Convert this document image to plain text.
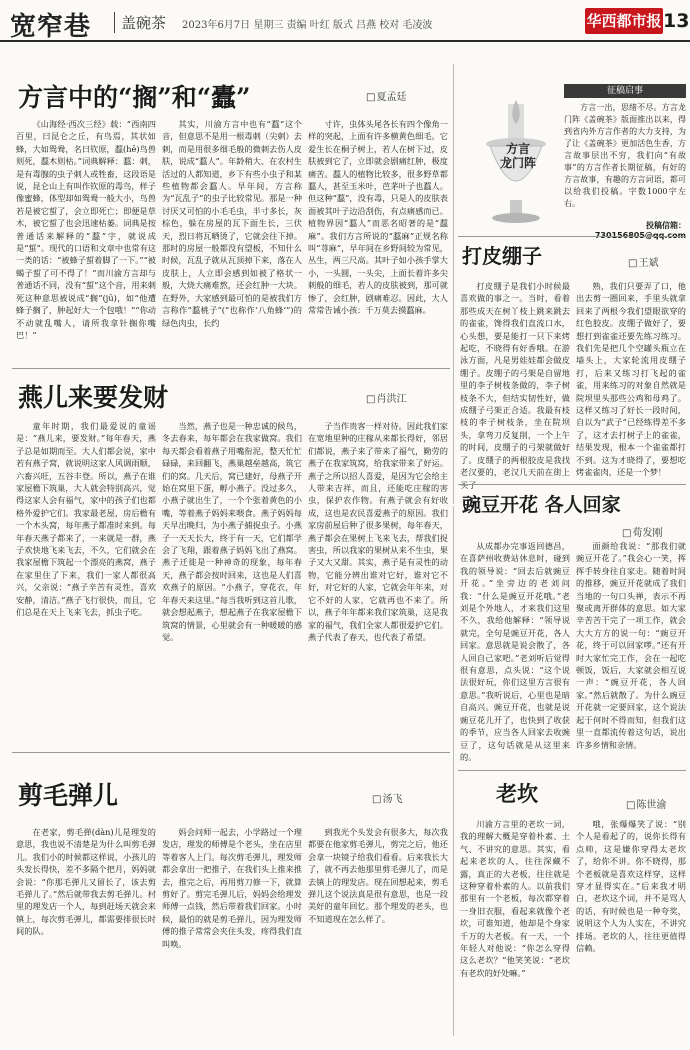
宽窄巷	盖碗茶 2023年6月7日 星期三 责编 叶红 版式 吕燕 校对 毛凌波	华西都市报 13
方言中的“搁”和“蠹”	□ 夏孟廷

《山海经·西次三经》载：“西南四百里，曰昆仑之丘，有鸟焉，其状如蜂，大如鸳鸯，名曰钦原，蠚(hē)鸟兽则死，蠚木则枯。”词典解释：蠚：刺，是有毒腺的虫子刺人或牲畜，这段语是说，昆仑山上有叫作钦原的毒鸟，样子像蜜蜂，体型却如鸳鸯一般大小，鸟兽若是被它蜇了，会立即死亡；即便是草木，被它蜇了也会迅速枯萎。词典是按普通话来解释的“蠚”字，就说成是“蜇”。现代的口语和文章中也常有这一类的话：“被蜂子蜇着脚了一下。”“被蝎子蜇了可不得了！”而川渝方言却与普通话不同，没有“蜇”这个音，用来刺死这种意思被说成“搁”(jū)，如“他遭蜂子搁了，肿起好大一个包哦！”“你动不动就乱嘴人，请所我拿针搁你嘴巴！”

其实，川渝方言中也有“蠚”这个音，但意思不是用一根毒刺（尖刺）去刺，而是用很多细毛般的微刺去伤人皮肤，说成“蠚人”。年龄稍大、在农村生活过的人都知道，乡下有些小虫子和某些植物都会蠚人。早年间，方言称为“瓦乱子”的虫子比较常见。那是一种讨厌又可怕的小毛毛虫，半寸多长，灰棕色，躲在房屋的瓦下面生长，三伏天，烈日将瓦晒烫了，它就会往下掉。那时的房屋一般都没有望板，不知什么时候，瓦乱子就从瓦顶掉下来，落在人皮肤上，人立即会感到如被了格状一般，大烧大痛难熬，还会红肿一大块。在野外，大家感到最可怕的是被我们方言称作“蠚桃子”(“也称作‘八角蜂’”)的绿色肉虫，长约

寸许，虫体头尾各长有四个像角一样的突起，上面有许多横黄色细毛。它爱生长在桐子树上，若人在树下过，皮肤被到它了，立即就会剧痛红肿，极度痛苦。蠚人的植物比较多，很多野草都蠚人，甚至玉米叶，芭茅叶子也蠚人。但这种“蠚”，没有毒，只是人的皮肤表面被其叶子边沿刮伤，有点痛感而已。植物界因“蠚人”而恶名昭著的是“蠚麻”。我们方言所说的“蠚麻”正规名称叫“荨麻”，早年间在乡野间较为常见，丛生，两三尺高。其叶子如小孩手掌大小，一头圆，一头尖，上面长着许多尖刺般的细毛，若人的皮肤被到，那可就惨了，会红肿，剧痛难忍。因此，大人常常告诫小孩：千万莫去摸蠚麻。

方言
龙门阵
征稿启事
方言一出，思绪不尽。方言龙门阵《盖碗茶》版面推出以来，得到省内外方言作者的大力支持，为了让《盖碗茶》更加活色生香，方言故事层出不穷，我们向“有故事”的方言作者长期征稿，有好的方言故事，有趣的方言词语，都可以给我们投稿。字数1000字左右。
投稿信箱：
打皮绷子	□ 王斌

打皮绷子是我们小时候最喜欢做的事之一。当时，看着那些成天在树丫枝上跳来跳去的雀雀，馋得我们直流口水，心头想，要是能打一只下来烤起吃，不晓得有好香哦。在游泳方面，凡是男娃娃都会做皮绷子。皮绷子的弓架是自留地里的李子树枝条做的，李子树枝条不大，但结实韧性好，做成绷子弓架正合适。我最有枝枝的李子树枝条，坐在院坝头，拿弯刀反复削，一个上午的时间，皮绷子的弓架就做好了。皮绷子的两根胶皮是我找老汉要的，老汉几天前在街上

熟，我们只要弄了口，他出去剪一圈回来，手里头就拿回来了两根今我们望眼欲穿的红色胶皮。皮绷子做好了，要想打到雀雀还要先练习练习。我们先是把几个空罐头瓶立在墙头上，大家轮流用皮绷子打，后来又练习打飞起的雀雀，用来练习的对象自然就是院坝里头那些公鸡和母鸡了。这样又练习了好长一段时间，自以为“武子”已经练得差不多了，这才去打树子上的雀雀，结果发现，根本一个雀雀都打不到。这为才晓得了，要想吃烤雀雀肉，还是一个梦！

燕儿来要发财	□ 肖洪江

童年时期，我们最爱说的童谣是：“燕儿来，要发财。”每年春天，燕子总是如期而至。大人们都会说，家中若有燕子窝，就说明这家人风调雨顺，六畜兴旺，五谷丰登。所以，燕子在谁家屋檐下筑巢，大人就会特别高兴，觉得这家人会有福气，家中的孩子们也都格外爱护它们。我家最老屋，房后檐有一个木头窝，每年燕子都准时来到。每年春天燕子都来了，一来就是一群，燕子欢快地飞来飞去，不久，它们就会在我家屋檐下筑起一个漂亮的燕窝，燕子在家里住了下来，我们一家人都很高兴，父亲说：“燕子辛苦有灵性，喜欢安静，清洁。”燕子飞行很快，而且，它们总是在天上飞来飞去，抓虫子吃。

当然，燕子也是一种忠诚的候鸟，冬去春来，每年都会在我家做窝。我们每天都会看着燕子用嘴衔泥，整天忙忙碌碌，来回翻飞，燕巢越垒越高，筑它们的窝。几天后，窝已建好，母燕子开始在窝里下蛋，孵小燕子。没过多久，小燕子就出生了，一个个张着黄色的小嘴，等着燕子妈妈来喂食。燕子妈妈每天早出晚归，为小燕子捕捉虫子。小燕子一天天长大，终于有一天，它们都学会了飞翔，跟着燕子妈妈飞出了燕窝。燕子迁徙是一种神奇的现象，每年春天，燕子都会按时回来，这也是人们喜欢燕子的原因。“小燕子，穿花衣，年年春天来这里。”每当我听到这首儿歌，就会想起燕子，想起燕子在我家屋檐下筑窝的情景，心里就会有一种暖暖的感觉。

子当作贵客一样对待。因此我们家在宽地里种的庄稼从来都长得好，邻居们都说，燕子来了带来了福气，勤劳的燕子在我家筑窝，给我家带来了好运。燕子之所以招人喜爱，是因为它会给主人带来吉祥，而且，还能吃庄稼的害虫，保护农作物。有燕子就会有好收成，这也是农民喜爱燕子的原因。我们家房前屋后种了很多果树，每年春天，燕子都会在果树上飞来飞去，帮我们捉害虫，所以我家的果树从来不生虫，果子又大又甜。其实，燕子是有灵性的动物，它能分辨出谁对它好，谁对它不好，对它好的人家，它就会年年来，对它不好的人家，它就再也不来了。所以，燕子年年都来我们家筑巢，这是我家的福气，我们全家人都很爱护它们。燕子代表了春天，也代表了希望。

豌豆开花 各人回家
□ 荀发刚

从成都办完事返回德昌，在喜萨州收费站休息时，碰到我的领导说：“回去后就豌豆开花。”坐旁边的老刘问我：“什么是豌豆开花哦。”老刘是个外地人，才来我们这里不久，我给他解释：“领导说就完，全句是豌豆开花，各人回家。意思就是说会散了，各人回自己家吧。”老刘听后觉得很有意思，点头说：“这个说法很好玩，你们这里方言很有意思。”我听说后，心里也是暗自高兴。豌豆开花，也就是说豌豆花儿开了，也快到了收获的季节，应当各人回家去收豌豆了，这句话就是从这里来的。

面颜给我说：“那我们就豌豆开花了。”我会心一笑，挥挥手转身往自家走。随着时间的推移，豌豆开花就成了我们当地的一句口头禅，表示不再聚或离开群体的意思。如大家辛苦苦干完了一项工作，就会大大方方的说一句：“豌豆开花，终于可以回家啰。”还有开时大家忙完工作，会在一起吃顿饭，饭后，大家就会相互说一声：“豌豆开花，各人回家。”然后就散了。为什么豌豆开花就一定要回家，这个说法起于何时不得而知，但我们这里一直都流传着这句话，说出许多乡情和亲情。

剪毛弹儿	□ 汤飞

在老家，剪毛弹(dàn)儿是理发的意思，我也说不清楚是为什么叫剪毛弹儿。我们小的时候都这样说，小孩儿的头发长得快，差不多隔个把月，妈妈就会说：“你那毛弹儿又留长了，该去剪毛弹儿了。”然后就带我去剪毛弹儿。村里的理发店一个人，每到赶场天就会来镇上，每次剪毛弹儿，都需要排很长时间的队。

妈会问师一起去，小学路过一个理发店，理发的师傅是个老头，坐在店里等着客人上门。每次剪毛弹儿，理发师都会拿出一把推子，在我们头上推来推去，推完之后，再用剪刀修一下，就算剪好了。剪完毛弹儿后，妈妈会给理发师傅一点钱，然后带着我们回家。小时候，最怕的就是剪毛弹儿，因为理发师傅的推子常常会夹住头发，疼得我们直叫唤。

到我光个头发会有很多大，每次我都要在他家剪毛弹儿，剪完之后，他还会拿一块镜子给我们看看。后来我长大了，就不再去他那里剪毛弹儿了，而是去镇上的理发店。现在回想起来，剪毛弹儿这个说法真是很有意思，也是一段美好的童年回忆。那个理发的老头，也不知道现在怎么样了。

老坎	□ 陈世渝

川渝方言里的老坎一词，我的理解大概是穿着朴素、土气、不讲究的意思。其实，看起来老坎的人，往往深藏不露，真正的大老板，往往就是这种穿着朴素的人。以前我们那里有一个老板，每次都穿着一身旧衣服，看起来就像个老坎，可谁知道，他却是个身家千万的大老板。有一天，一个年轻人对他说：“你怎么穿得这么老坎？”他笑笑说：“老坎有老坎的好处嘛。”

哦，张爆爆笑了说：“别个人是看起了的，说你长得有点帅，这是嫌你穿得太老坎了，给你不讲。你不晓得，那个老板就是喜欢这样穿，这样穿才显得实在。”后来我才明白，老坎这个词，并不是骂人的话，有时候也是一种夸奖，说明这个人为人实在，不讲究排场。老坎的人，往往更值得信赖。
